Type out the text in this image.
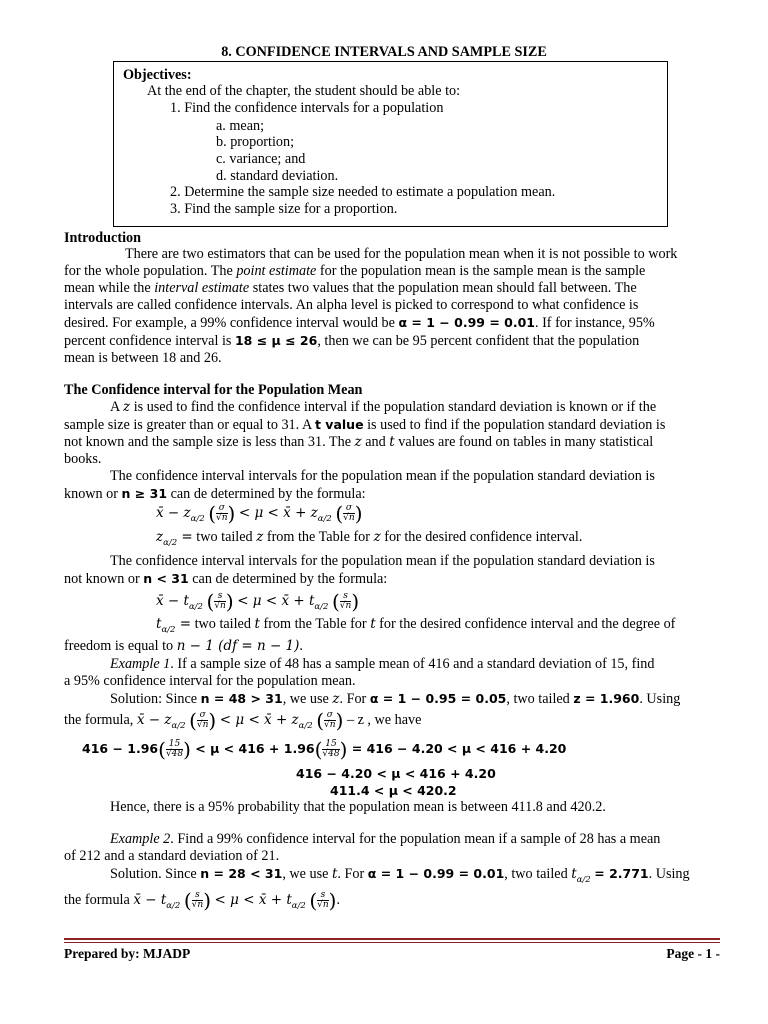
8. CONFIDENCE INTERVALS AND SAMPLE SIZE
Objectives:
At the end of the chapter, the student should be able to:
1. Find the confidence intervals for a population
a. mean;
b. proportion;
c. variance; and
d. standard deviation.
2. Determine the sample size needed to estimate a population mean.
3. Find the sample size for a proportion.
Introduction
There are two estimators that can be used for the population mean when it is not possible to work
for the whole population. The point estimate for the population mean is the sample mean is the sample
mean while the interval estimate states two values that the population mean should fall between. The
intervals are called confidence intervals. An alpha level is picked to correspond to what confidence is
desired. For example, a 99% confidence interval would be α = 1 − 0.99 = 0.01. If for instance, 95%
percent confidence interval is 18 ≤ μ ≤ 26, then we can be 95 percent confident that the population
mean is between 18 and 26.
The Confidence interval for the Population Mean
A z is used to find the confidence interval if the population standard deviation is known or if the
sample size is greater than or equal to 31. A t value is used to find if the population standard deviation is
not known and the sample size is less than 31. The z and t values are found on tables in many statistical
books.
The confidence interval intervals for the population mean if the population standard deviation is
known or n ≥ 31 can de determined by the formula:
x̄ − $z_{\alpha/2}$ ( $\frac{\sigma}{√n}$ ) < μ < x̄ + $z_{\alpha/2}$ ( $\frac{\sigma}{√n}$ )
$z_{\alpha/2}$ = two tailed z from the Table for z for the desired confidence interval.
The confidence interval intervals for the population mean if the population standard deviation is
not known or n < 31 can de determined by the formula:
x̄ − $t_{\alpha/2}$ ( $\frac{s}{√n}$ ) < μ < x̄ + $t_{\alpha/2}$ ( $\frac{s}{√n}$ )
$t_{\alpha/2}$ = two tailed t from the Table for t for the desired confidence interval and the degree of
freedom is equal to n − 1 (df = n − 1).
Example 1. If a sample size of 48 has a sample mean of 416 and a standard deviation of 15, find
a 95% confidence interval for the population mean.
Solution: Since n = 48 > 31, we use z. For α = 1 − 0.95 = 0.05, two tailed z = 1.960. Using
the formula, x̄ − $z_{\alpha/2}$ ( $\frac{\sigma}{√n}$ ) < μ < x̄ + $z_{\alpha/2}$ ( $\frac{\sigma}{√n}$ ) – z , we have
$416 - 1.96( \frac{15}{√48}$ ) < $\mu < 416 + 1.96( \frac{15}{√48}$ ) = 416 − 4.20 < μ < 416 + 4.20
416 − 4.20 < μ < 416 + 4.20
411.4 < μ < 420.2
Hence, there is a 95% probability that the population mean is between 411.8 and 420.2.
Example 2. Find a 99% confidence interval for the population mean if a sample of 28 has a mean
of 212 and a standard deviation of 21.
Solution. Since n = 28 < 31, we use t. For α = 1 − 0.99 = 0.01, two tailed $t_{\alpha/2} = 2.771$. Using
the formula x̄ − $t_{\alpha/2}$ ( $\frac{s}{√n}$ ) < μ < x̄ + $t_{\alpha/2}$ ( $\frac{s}{√n}$ ).
Prepared by: MJADP	Page - 1 -
